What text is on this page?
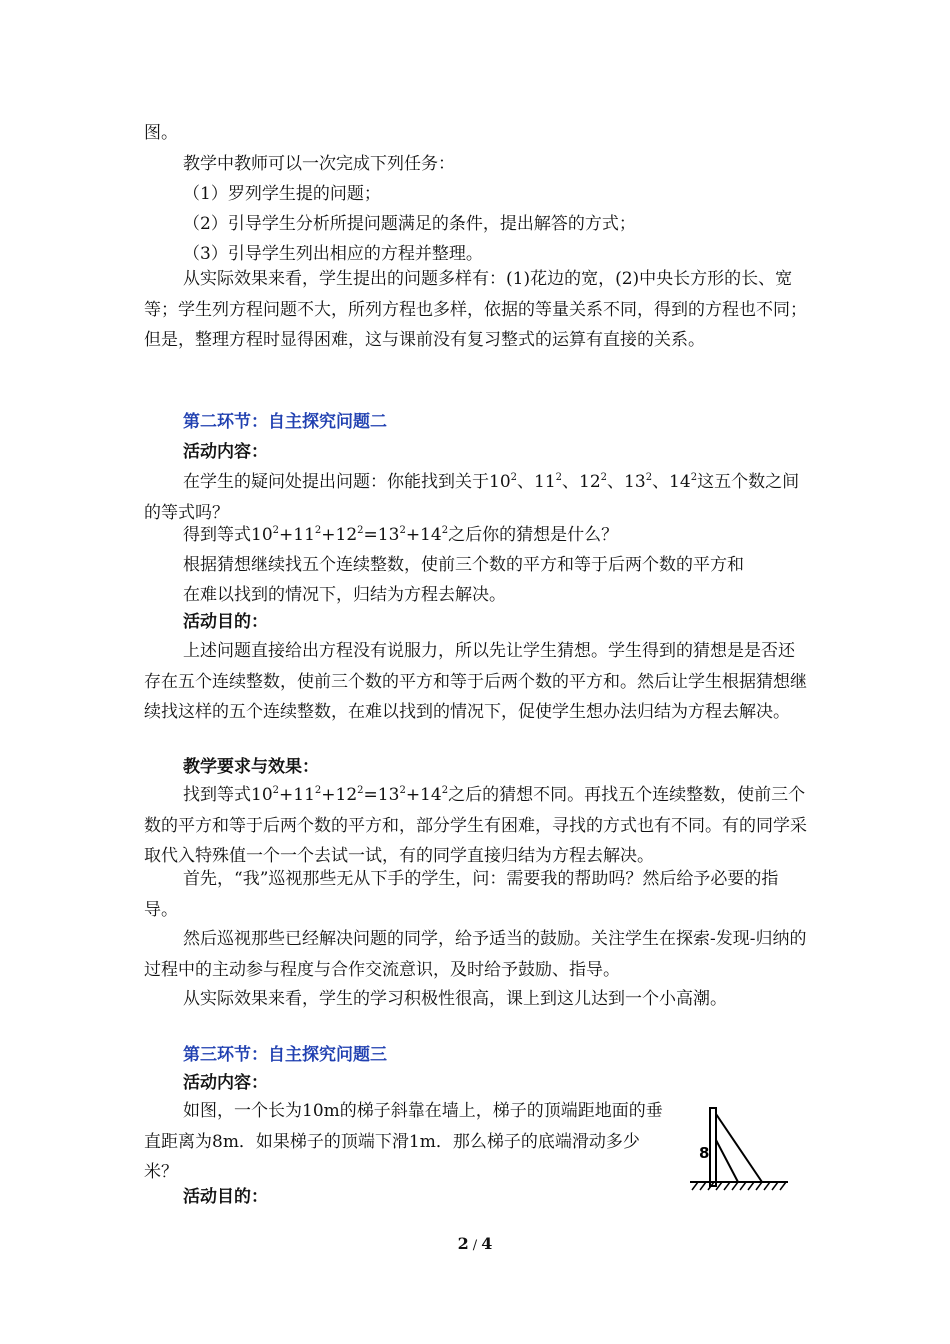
图。

教学中教师可以一次完成下列任务：

（1）罗列学生提的问题；

（2）引导学生分析所提问题满足的条件，提出解答的方式；

（3）引导学生列出相应的方程并整理。

从实际效果来看，学生提出的问题多样有：(1)花边的宽，(2)中央长方形的长、宽等；学生列方程问题不大，所列方程也多样，依据的等量关系不同，得到的方程也不同；但是，整理方程时显得困难，这与课前没有复习整式的运算有直接的关系。

第二环节：自主探究问题二

活动内容：

在学生的疑问处提出问题：你能找到关于$10^2$、$11^2$、$12^2$、$13^2$、$14^2$这五个数之间的等式吗？

得到等式$10^2+11^2+12^2=13^2+14^2$之后你的猜想是什么？

根据猜想继续找五个连续整数，使前三个数的平方和等于后两个数的平方和

在难以找到的情况下，归结为方程去解决。

活动目的：

上述问题直接给出方程没有说服力，所以先让学生猜想。学生得到的猜想是是否还存在五个连续整数，使前三个数的平方和等于后两个数的平方和。然后让学生根据猜想继续找这样的五个连续整数，在难以找到的情况下，促使学生想办法归结为方程去解决。

教学要求与效果：

找到等式$10^2+11^2+12^2=13^2+14^2$之后的猜想不同。再找五个连续整数，使前三个数的平方和等于后两个数的平方和，部分学生有困难，寻找的方式也有不同。有的同学采取代入特殊值一个一个去试一试，有的同学直接归结为方程去解决。

首先，“我”巡视那些无从下手的学生，问：需要我的帮助吗？然后给予必要的指导。

然后巡视那些已经解决问题的同学，给予适当的鼓励。关注学生在探索-发现-归纳的过程中的主动参与程度与合作交流意识，及时给予鼓励、指导。

从实际效果来看，学生的学习积极性很高，课上到这儿达到一个小高潮。

第三环节：自主探究问题三

活动内容：

如图，一个长为10m的梯子斜靠在墙上，梯子的顶端距地面的垂直距离为8m．如果梯子的顶端下滑1m．那么梯子的底端滑动多少米？

活动目的：

8
2 / 4
